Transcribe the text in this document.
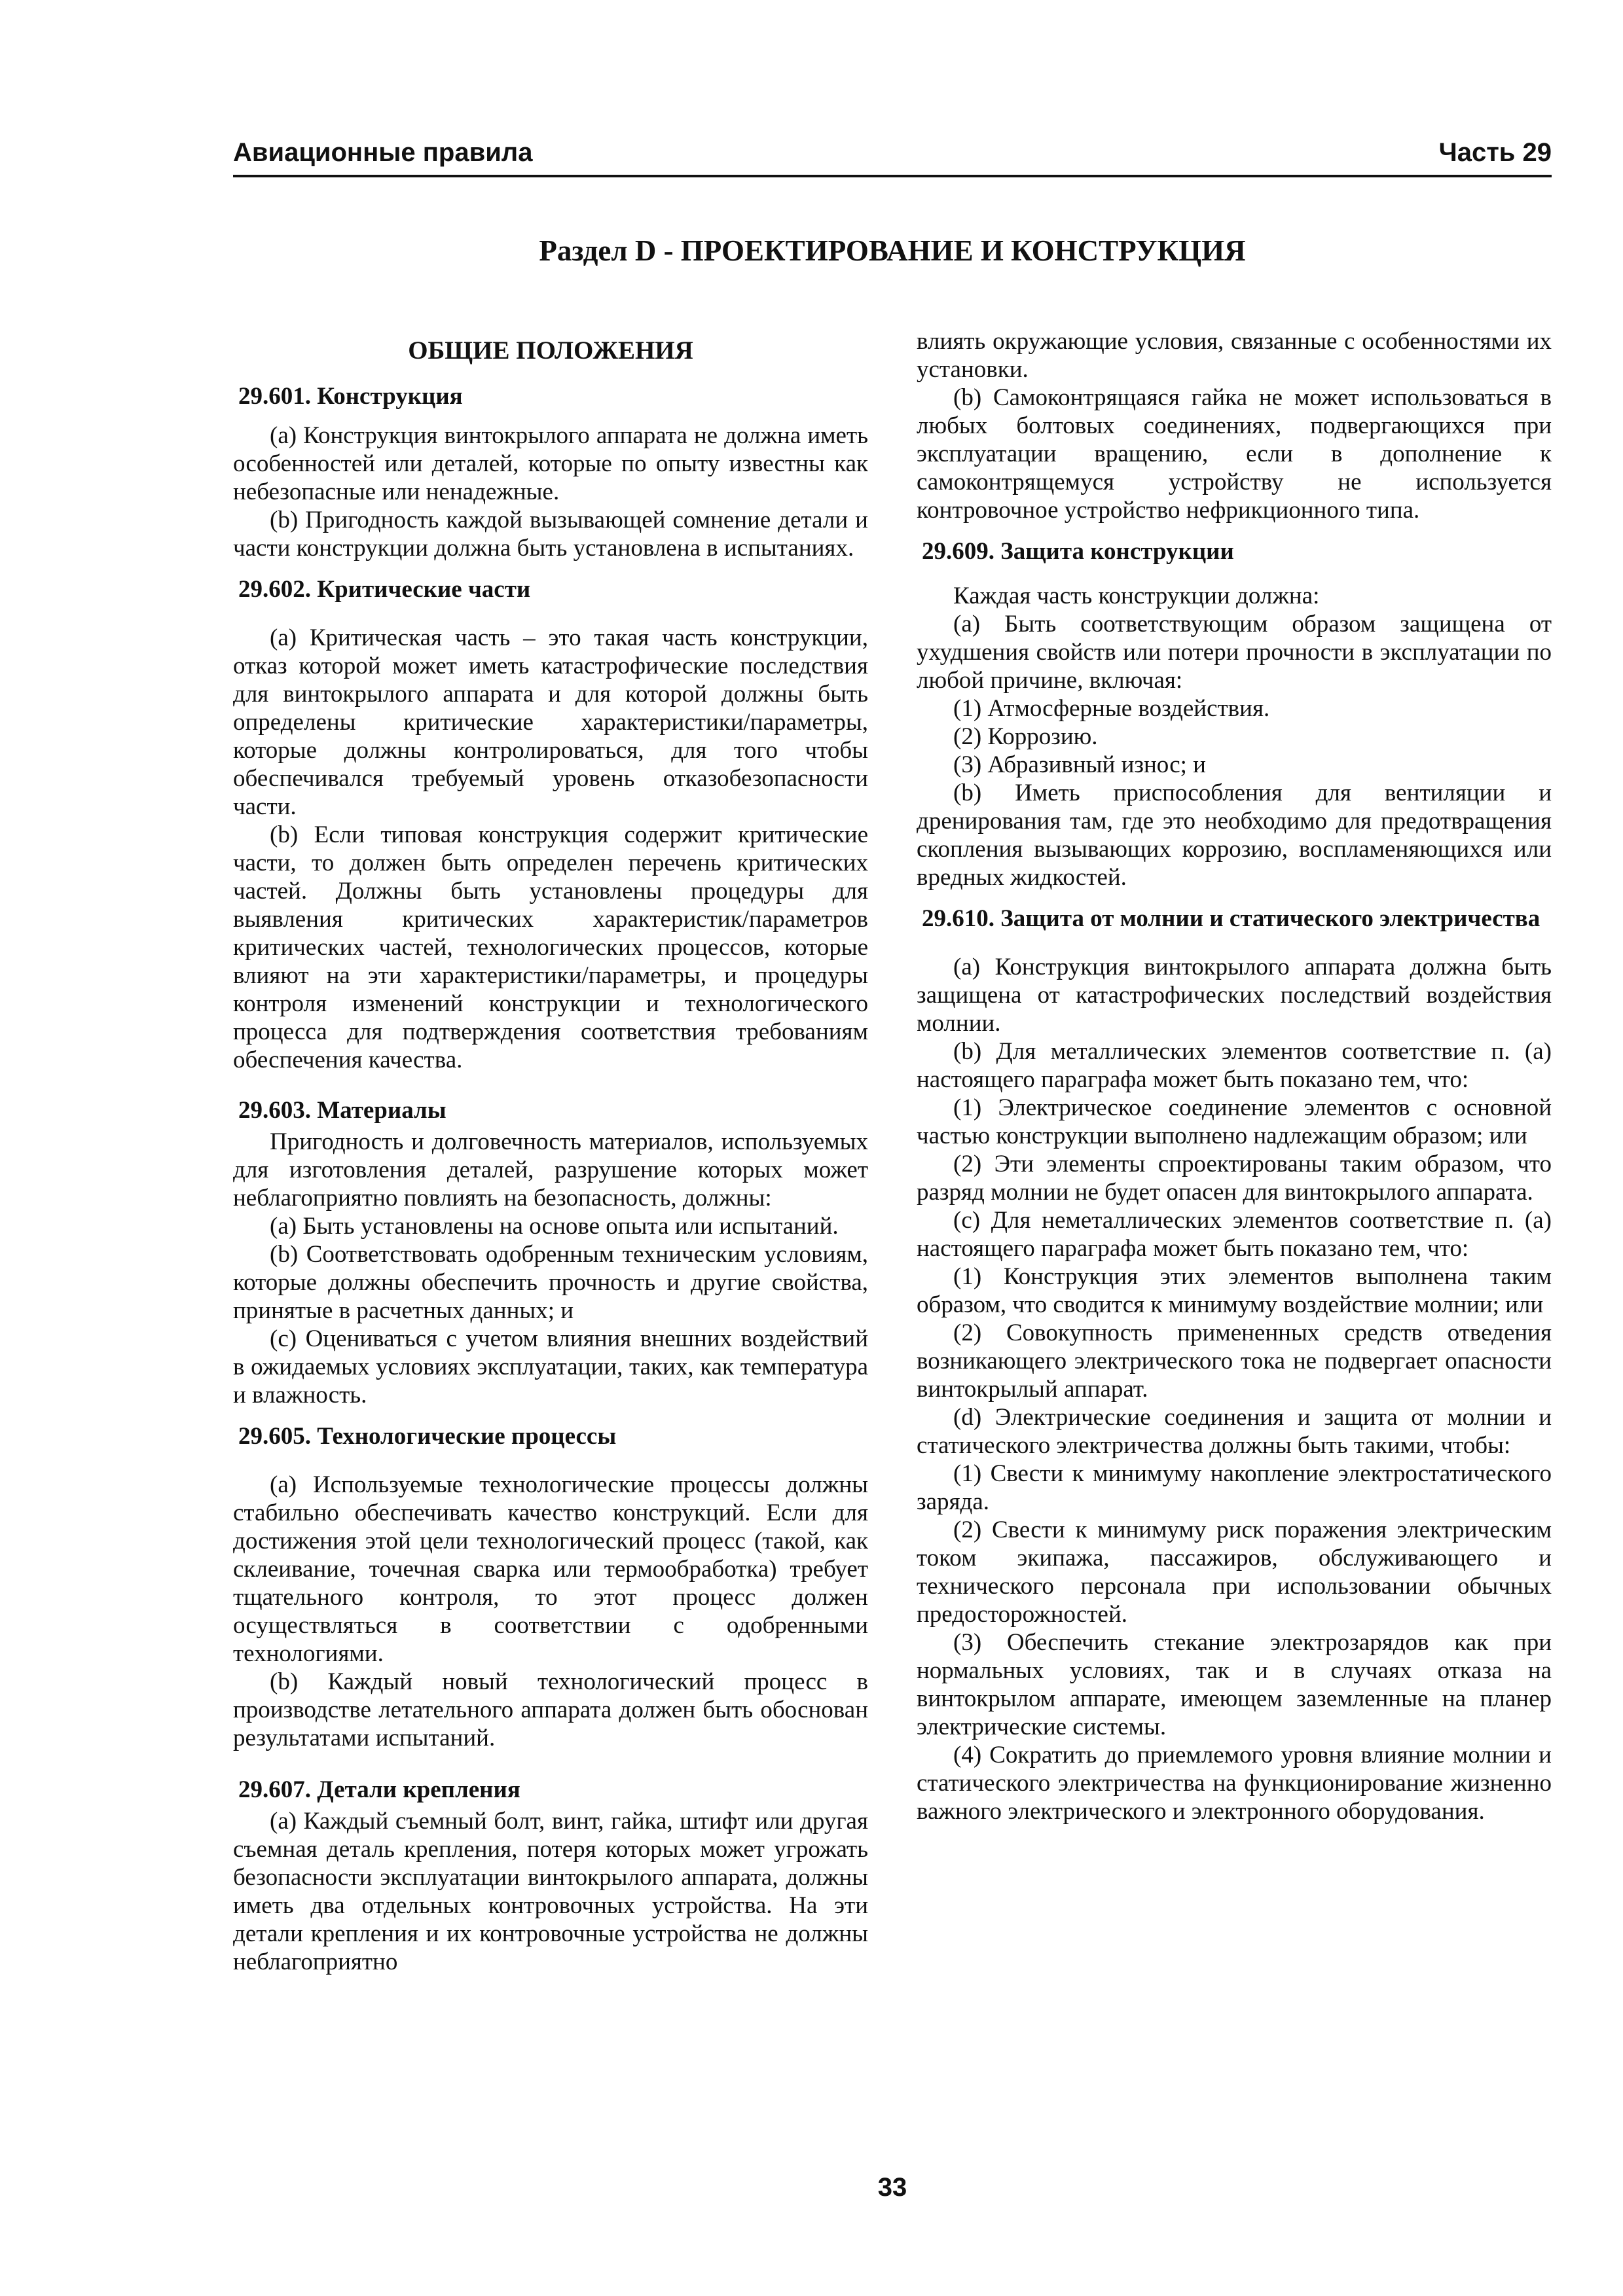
Авиационные правила	Часть 29
Раздел D - ПРОЕКТИРОВАНИЕ И КОНСТРУКЦИЯ
ОБЩИЕ ПОЛОЖЕНИЯ
29.601. Конструкция

(a) Конструкция винтокрылого аппарата не должна иметь особенностей или деталей, которые по опыту известны как небезопасные или ненадежные.

(b) Пригодность каждой вызывающей сомнение детали и части конструкции должна быть установлена в испытаниях.

29.602. Критические части

(a) Критическая часть – это такая часть конструкции, отказ которой может иметь катастрофические последствия для винтокрылого аппарата и для которой должны быть определены критические характеристики/параметры, которые должны контролироваться, для того чтобы обеспечивался требуемый уровень отказобезопасности части.

(b) Если типовая конструкция содержит критические части, то должен быть определен перечень критических частей. Должны быть установлены процедуры для выявления критических характеристик/параметров критических частей, технологических процессов, которые влияют на эти характеристики/параметры, и процедуры контроля изменений конструкции и технологического процесса для подтверждения соответствия требованиям обеспечения качества.

29.603. Материалы

Пригодность и долговечность материалов, используемых для изготовления деталей, разрушение которых может неблагоприятно повлиять на безопасность, должны:

(a) Быть установлены на основе опыта или испытаний.

(b) Соответствовать одобренным техническим условиям, которые должны обеспечить прочность и другие свойства, принятые в расчетных данных; и

(c) Оцениваться с учетом влияния внешних воздействий в ожидаемых условиях эксплуатации, таких, как температура и влажность.

29.605. Технологические процессы

(a) Используемые технологические процессы должны стабильно обеспечивать качество конструкций. Если для достижения этой цели технологический процесс (такой, как склеивание, точечная сварка или термообработка) требует тщательного контроля, то этот процесс должен осуществляться в соответствии с одобренными технологиями.

(b) Каждый новый технологический процесс в производстве летательного аппарата должен быть обоснован результатами испытаний.

29.607. Детали крепления

(a) Каждый съемный болт, винт, гайка, штифт или другая съемная деталь крепления, потеря которых может угрожать безопасности эксплуатации винтокрылого аппарата, должны иметь два отдельных контровочных устройства. На эти детали крепления и их контровочные устройства не должны неблагоприятно

влиять окружающие условия, связанные с особенностями их установки.

(b) Самоконтрящаяся гайка не может использоваться в любых болтовых соединениях, подвергающихся при эксплуатации вращению, если в дополнение к самоконтрящемуся устройству не используется контровочное устройство нефрикционного типа.

29.609. Защита конструкции

Каждая часть конструкции должна:

(a) Быть соответствующим образом защищена от ухудшения свойств или потери прочности в эксплуатации по любой причине, включая:

(1) Атмосферные воздействия.

(2) Коррозию.

(3) Абразивный износ; и

(b) Иметь приспособления для вентиляции и дренирования там, где это необходимо для предотвращения скопления вызывающих коррозию, воспламеняющихся или вредных жидкостей.

29.610. Защита от молнии и статического электричества

(a) Конструкция винтокрылого аппарата должна быть защищена от катастрофических последствий воздействия молнии.

(b) Для металлических элементов соответствие п. (a) настоящего параграфа может быть показано тем, что:

(1) Электрическое соединение элементов с основной частью конструкции выполнено надлежащим образом; или

(2) Эти элементы спроектированы таким образом, что разряд молнии не будет опасен для винтокрылого аппарата.

(c) Для неметаллических элементов соответствие п. (a) настоящего параграфа может быть показано тем, что:

(1) Конструкция этих элементов выполнена таким образом, что сводится к минимуму воздействие молнии; или

(2) Совокупность примененных средств отведения возникающего электрического тока не подвергает опасности винтокрылый аппарат.

(d) Электрические соединения и защита от молнии и статического электричества должны быть такими, чтобы:

(1) Свести к минимуму накопление электростатического заряда.

(2) Свести к минимуму риск поражения электрическим током экипажа, пассажиров, обслуживающего и технического персонала при использовании обычных предосторожностей.

(3) Обеспечить стекание электрозарядов как при нормальных условиях, так и в случаях отказа на винтокрылом аппарате, имеющем заземленные на планер электрические системы.

(4) Сократить до приемлемого уровня влияние молнии и статического электричества на функционирование жизненно важного электрического и электронного оборудования.

33
